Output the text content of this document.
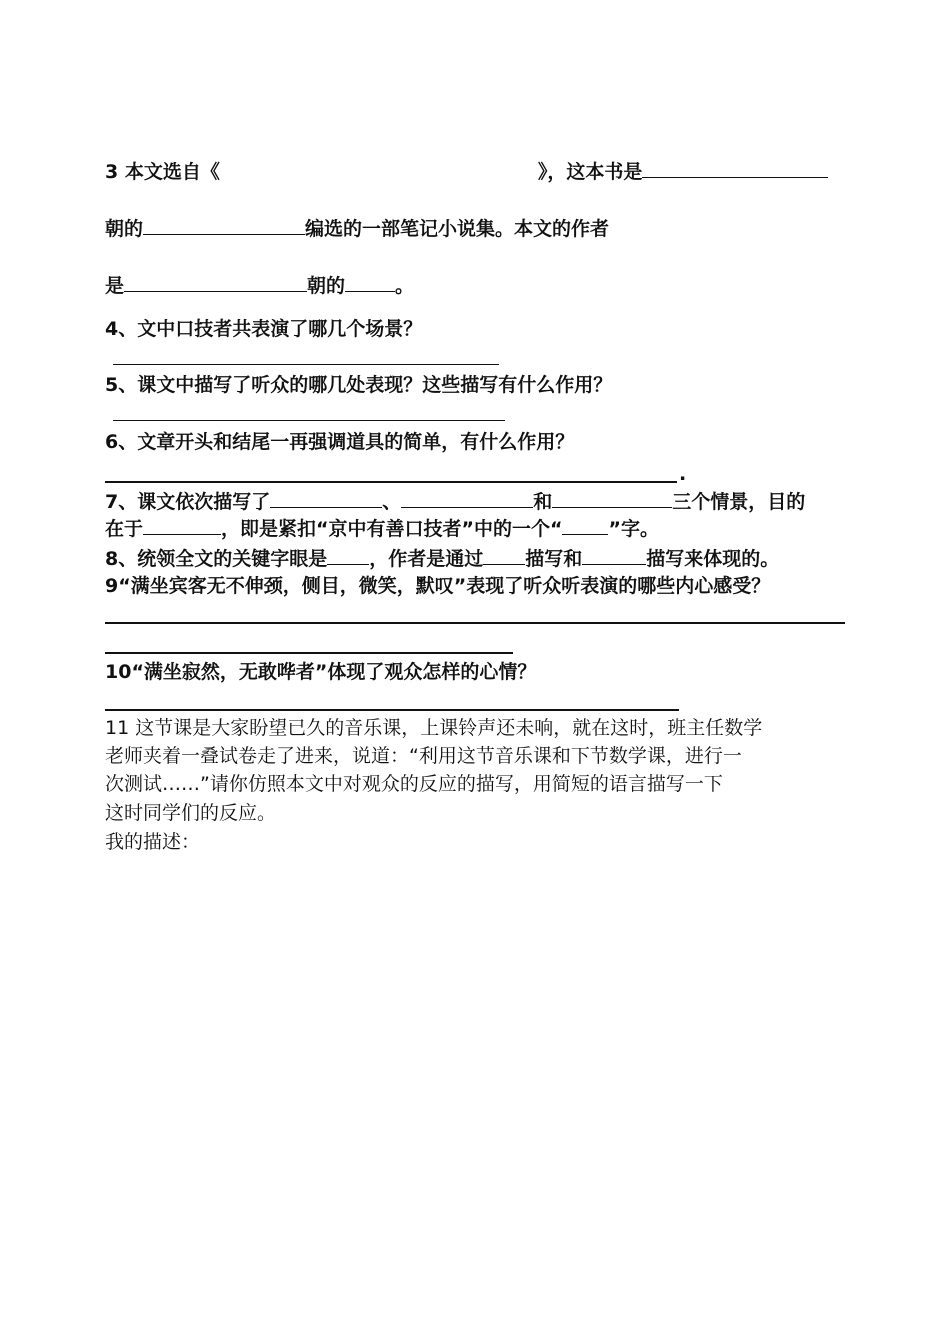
3 本文选自《	》，这本书是
朝的	编选的一部笔记小说集。本文的作者
是	朝的	。
4、文中口技者共表演了哪几个场景？
5、课文中描写了听众的哪几处表现？这些描写有什么作用？
6、文章开头和结尾一再强调道具的简单，有什么作用？
.
7、课文依次描写了	、	和	三个情景，目的
在于	，即是紧扣“京中有善口技者”中的一个“ ”字。
8、统领全文的关键字眼是 ，作者是通过 描写和	描写来体现的。
9“满坐宾客无不伸颈，侧目，微笑，默叹”表现了听众听表演的哪些内心感受？
10“满坐寂然，无敢哗者”体现了观众怎样的心情？
11 这节课是大家盼望已久的音乐课，上课铃声还未响，就在这时，班主任数学
老师夹着一叠试卷走了进来，说道：“利用这节音乐课和下节数学课，进行一
次测试……”请你仿照本文中对观众的反应的描写，用简短的语言描写一下
这时同学们的反应。
我的描述：
